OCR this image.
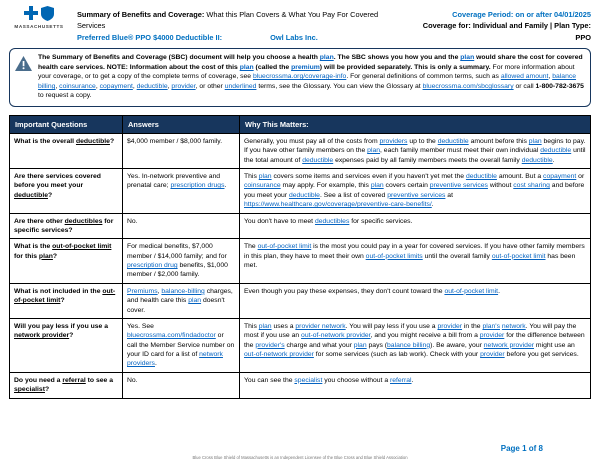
MASSACHUSETTS
Summary of Benefits and Coverage: What this Plan Covers & What You Pay For Covered Services
Preferred Blue® PPO $4000 Deductible II:	Owl Labs Inc.
Coverage Period: on or after 04/01/2025
Coverage for: Individual and Family | Plan Type: PPO
The Summary of Benefits and Coverage (SBC) document will help you choose a health plan. The SBC shows you how you and the plan would share the cost for covered health care services. NOTE: Information about the cost of this plan (called the premium) will be provided separately. This is only a summary. For more information about your coverage, or to get a copy of the complete terms of coverage, see bluecrossma.org/coverage-info. For general definitions of common terms, such as allowed amount, balance billing, coinsurance, copayment, deductible, provider, or other underlined terms, see the Glossary. You can view the Glossary at bluecrossma.com/sbcglossary or call 1-800-782-3675 to request a copy.
Important Questions	Answers	Why This Matters:
What is the overall deductible?	$4,000 member / $8,000 family.	Generally, you must pay all of the costs from providers up to the deductible amount before this plan begins to pay. If you have other family members on the plan, each family member must meet their own individual deductible until the total amount of deductible expenses paid by all family members meets the overall family deductible.
Are there services covered before you meet your deductible?	Yes. In-network preventive and prenatal care; prescription drugs.	This plan covers some items and services even if you haven't yet met the deductible amount. But a copayment or coinsurance may apply. For example, this plan covers certain preventive services without cost sharing and before you meet your deductible. See a list of covered preventive services at https://www.healthcare.gov/coverage/preventive-care-benefits/.
Are there other deductibles for specific services?	No.	You don't have to meet deductibles for specific services.
What is the out-of-pocket limit for this plan?	For medical benefits, $7,000 member / $14,000 family; and for prescription drug benefits, $1,000 member / $2,000 family.	The out-of-pocket limit is the most you could pay in a year for covered services. If you have other family members in this plan, they have to meet their own out-of-pocket limits until the overall family out-of-pocket limit has been met.
What is not included in the out-of-pocket limit?	Premiums, balance-billing charges, and health care this plan doesn't cover.	Even though you pay these expenses, they don't count toward the out-of-pocket limit.
Will you pay less if you use a network provider?	Yes. See bluecrossma.com/findadoctor or call the Member Service number on your ID card for a list of network providers.	This plan uses a provider network. You will pay less if you use a provider in the plan's network. You will pay the most if you use an out-of-network provider, and you might receive a bill from a provider for the difference between the provider's charge and what your plan pays (balance billing). Be aware, your network provider might use an out-of-network provider for some services (such as lab work). Check with your provider before you get services.
Do you need a referral to see a specialist?	No.	You can see the specialist you choose without a referral.
Page 1 of 8
Blue Cross Blue Shield of Massachusetts is an Independent Licensee of the Blue Cross and Blue Shield Association
